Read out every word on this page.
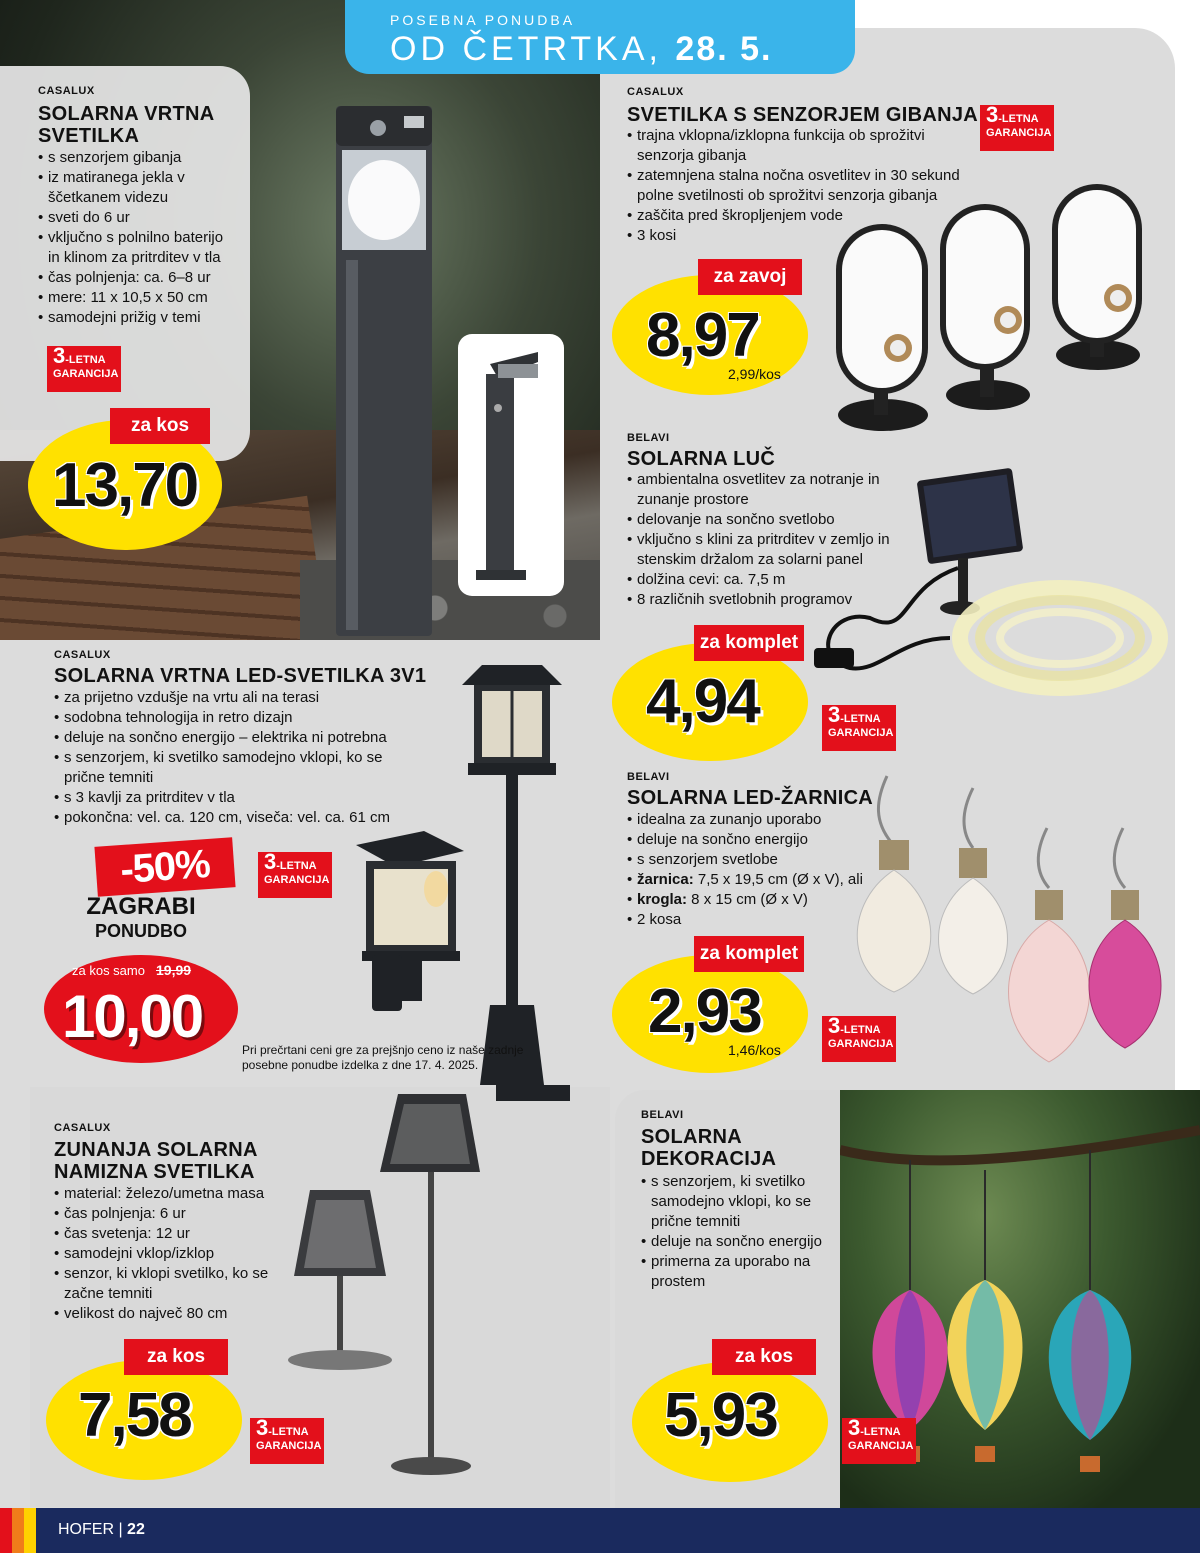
CASALUX
SOLARNA VRTNA
SVETILKA
• s senzorjem gibanja
• iz matiranega jekla v ščetkanem videzu
• sveti do 6 ur
• vključno s polnilno baterijo in klinom za pritrditev v tla
• čas polnjenja: ca. 6–8 ur
• mere: 11 x 10,5 x 50 cm
• samodejni prižig v temi
3-LETNA
GARANCIJA
za kos
13,70
POSEBNA PONUDBA
OD ČETRTKA, 28. 5.
CASALUX
SVETILKA S SENZORJEM GIBANJA
• trajna vklopna/izklopna funkcija ob sprožitvi senzorja gibanja
• zatemnjena stalna nočna osvetlitev in 30 sekund polne svetilnosti ob sprožitvi senzorja gibanja
• zaščita pred škropljenjem vode
• 3 kosi
3-LETNA
GARANCIJA
za zavoj
8,97
2,99/kos
BELAVI
SOLARNA LUČ
• ambientalna osvetlitev za notranje in zunanje prostore
• delovanje na sončno svetlobo
• vključno s klini za pritrditev v zemljo in stenskim držalom za solarni panel
• dolžina cevi: ca. 7,5 m
• 8 različnih svetlobnih programov
za komplet
4,94	3-LETNA
GARANCIJA
CASALUX
SOLARNA VRTNA LED-SVETILKA 3V1
• za prijetno vzdušje na vrtu ali na terasi
• sodobna tehnologija in retro dizajn
• deluje na sončno energijo – elektrika ni potrebna
• s senzorjem, ki svetilko samodejno vklopi, ko se prične temniti
• s 3 kavlji za pritrditev v tla
• pokončna: vel. ca. 120 cm, viseča: vel. ca. 61 cm
-50%
ZAGRABI
PONUDBO
za kos samo 19,99
10,00
3-LETNA
GARANCIJA
Pri prečrtani ceni gre za prejšnjo ceno iz naše zadnje posebne ponudbe izdelka z dne 17. 4. 2025.
BELAVI
SOLARNA LED-ŽARNICA
• idealna za zunanjo uporabo
• deluje na sončno energijo
• s senzorjem svetlobe
• žarnica: 7,5 x 19,5 cm (Ø x V), ali
• krogla: 8 x 15 cm (Ø x V)
• 2 kosa
za komplet
2,93
1,46/kos
3-LETNA
GARANCIJA
CASALUX
ZUNANJA SOLARNA
NAMIZNA SVETILKA
• material: železo/umetna masa
• čas polnjenja: 6 ur
• čas svetenja: 12 ur
• samodejni vklop/izklop
• senzor, ki vklopi svetilko, ko se začne temniti
• velikost do največ 80 cm
za kos
7,58	3-LETNA
GARANCIJA
BELAVI
SOLARNA
DEKORACIJA
• s senzorjem, ki svetilko samodejno vklopi, ko se prične temniti
• deluje na sončno energijo
• primerna za uporabo na prostem
za kos
5,93	3-LETNA
GARANCIJA
HOFER | 22
